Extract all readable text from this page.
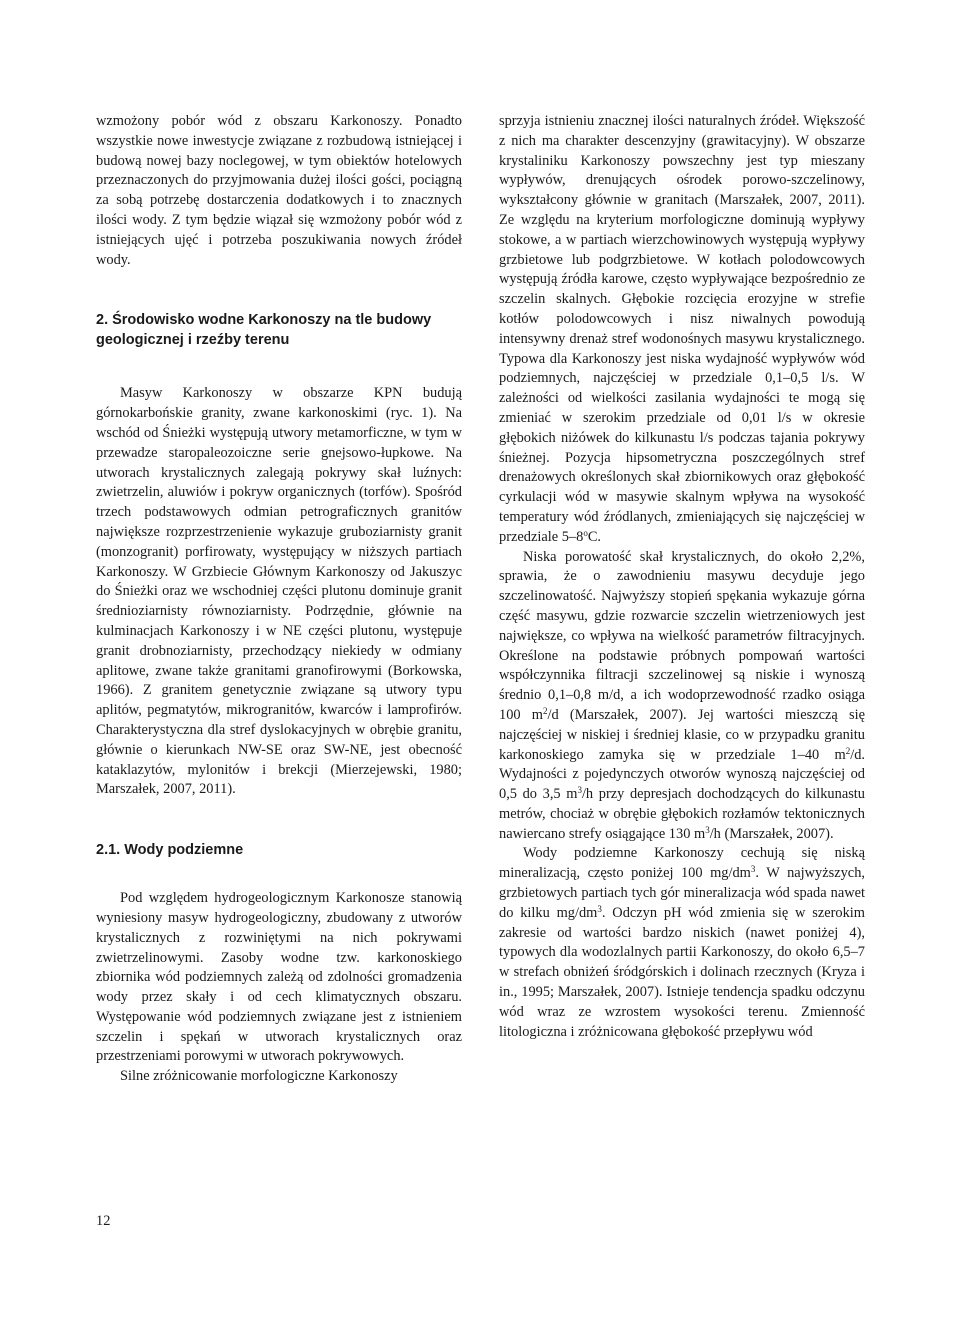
wzmożony pobór wód z obszaru Karkonoszy. Ponadto wszystkie nowe inwestycje związane z rozbudową istniejącej i budową nowej bazy noclegowej, w tym obiektów hotelowych przeznaczonych do przyjmowania dużej ilości gości, pociągną za sobą potrzebę dostarczenia dodatkowych i to znacznych ilości wody. Z tym będzie wiązał się wzmożony pobór wód z istniejących ujęć i potrzeba poszukiwania nowych źródeł wody.

2. Środowisko wodne Karkonoszy na tle budowy geologicznej i rzeźby terenu

Masyw Karkonoszy w obszarze KPN budują górnokarbońskie granity, zwane karkonoskimi (ryc. 1). Na wschód od Śnieżki występują utwory metamorficzne, w tym w przewadze staropaleozoiczne serie gnejsowo-łupkowe. Na utworach krystalicznych zalegają pokrywy skał luźnych: zwietrzelin, aluwiów i pokryw organicznych (torfów). Spośród trzech podstawowych odmian petrograficznych granitów największe rozprzestrzenienie wykazuje gruboziarnisty granit (monzogranit) porfirowaty, występujący w niższych partiach Karkonoszy. W Grzbiecie Głównym Karkonoszy od Jakuszyc do Śnieżki oraz we wschodniej części plutonu dominuje granit średnioziarnisty równoziarnisty. Podrzędnie, głównie na kulminacjach Karkonoszy i w NE części plutonu, występuje granit drobnoziarnisty, przechodzący niekiedy w odmiany aplitowe, zwane także granitami granofirowymi (Borkowska, 1966). Z granitem genetycznie związane są utwory typu aplitów, pegmatytów, mikrogranitów, kwarców i lamprofirów. Charakterystyczna dla stref dyslokacyjnych w obrębie granitu, głównie o kierunkach NW-SE oraz SW-NE, jest obecność kataklazytów, mylonitów i brekcji (Mierzejewski, 1980; Marszałek, 2007, 2011).

2.1. Wody podziemne

Pod względem hydrogeologicznym Karkonosze stanowią wyniesiony masyw hydrogeologiczny, zbudowany z utworów krystalicznych z rozwiniętymi na nich pokrywami zwietrzelinowymi. Zasoby wodne tzw. karkonoskiego zbiornika wód podziemnych zależą od zdolności gromadzenia wody przez skały i od cech klimatycznych obszaru. Występowanie wód podziemnych związane jest z istnieniem szczelin i spękań w utworach krystalicznych oraz przestrzeniami porowymi w utworach pokrywowych.

Silne zróżnicowanie morfologiczne Karkonoszy

sprzyja istnieniu znacznej ilości naturalnych źródeł. Większość z nich ma charakter descenzyjny (grawitacyjny). W obszarze krystaliniku Karkonoszy powszechny jest typ mieszany wypływów, drenujących ośrodek porowo-szczelinowy, wykształcony głównie w granitach (Marszałek, 2007, 2011). Ze względu na kryterium morfologiczne dominują wypływy stokowe, a w partiach wierzchowinowych występują wypływy grzbietowe lub podgrzbietowe. W kotłach polodowcowych występują źródła karowe, często wypływające bezpośrednio ze szczelin skalnych. Głębokie rozcięcia erozyjne w strefie kotłów polodowcowych i nisz niwalnych powodują intensywny drenaż stref wodonośnych masywu krystalicznego. Typowa dla Karkonoszy jest niska wydajność wypływów wód podziemnych, najczęściej w przedziale 0,1–0,5 l/s. W zależności od wielkości zasilania wydajności te mogą się zmieniać w szerokim przedziale od 0,01 l/s w okresie głębokich niżówek do kilkunastu l/s podczas tajania pokrywy śnieżnej. Pozycja hipsometryczna poszczególnych stref drenażowych określonych skał zbiornikowych oraz głębokość cyrkulacji wód w masywie skalnym wpływa na wysokość temperatury wód źródlanych, zmieniających się najczęściej w przedziale 5–8$^o$C.

Niska porowatość skał krystalicznych, do około 2,2%, sprawia, że o zawodnieniu masywu decyduje jego szczelinowatość. Najwyższy stopień spękania wykazuje górna część masywu, gdzie rozwarcie szczelin wietrzeniowych jest największe, co wpływa na wielkość parametrów filtracyjnych. Określone na podstawie próbnych pompowań wartości współczynnika filtracji szczelinowej są niskie i wynoszą średnio 0,1–0,8 m/d, a ich wodoprzewodność rzadko osiąga 100 $m^2/d$ (Marszałek, 2007). Jej wartości mieszczą się najczęściej w niskiej i średniej klasie, co w przypadku granitu karkonoskiego zamyka się w przedziale 1–40 $m^2/d$. Wydajności z pojedynczych otworów wynoszą najczęściej od 0,5 do 3,5 $m^3/h$ przy depresjach dochodzących do kilkunastu metrów, chociaż w obrębie głębokich rozłamów tektonicznych nawiercano strefy osiągające 130 $m^3/h$ (Marszałek, 2007).

Wody podziemne Karkonoszy cechują się niską mineralizacją, często poniżej 100 $mg/dm^3$. W najwyższych, grzbietowych partiach tych gór mineralizacja wód spada nawet do kilku $mg/dm^3$. Odczyn pH wód zmienia się w szerokim zakresie od wartości bardzo niskich (nawet poniżej 4), typowych dla wodozlalnych partii Karkonoszy, do około 6,5–7 w strefach obniżeń śródgórskich i dolinach rzecznych (Kryza i in., 1995; Marszałek, 2007). Istnieje tendencja spadku odczynu wód wraz ze wzrostem wysokości terenu. Zmienność litologiczna i zróżnicowana głębokość przepływu wód

12
